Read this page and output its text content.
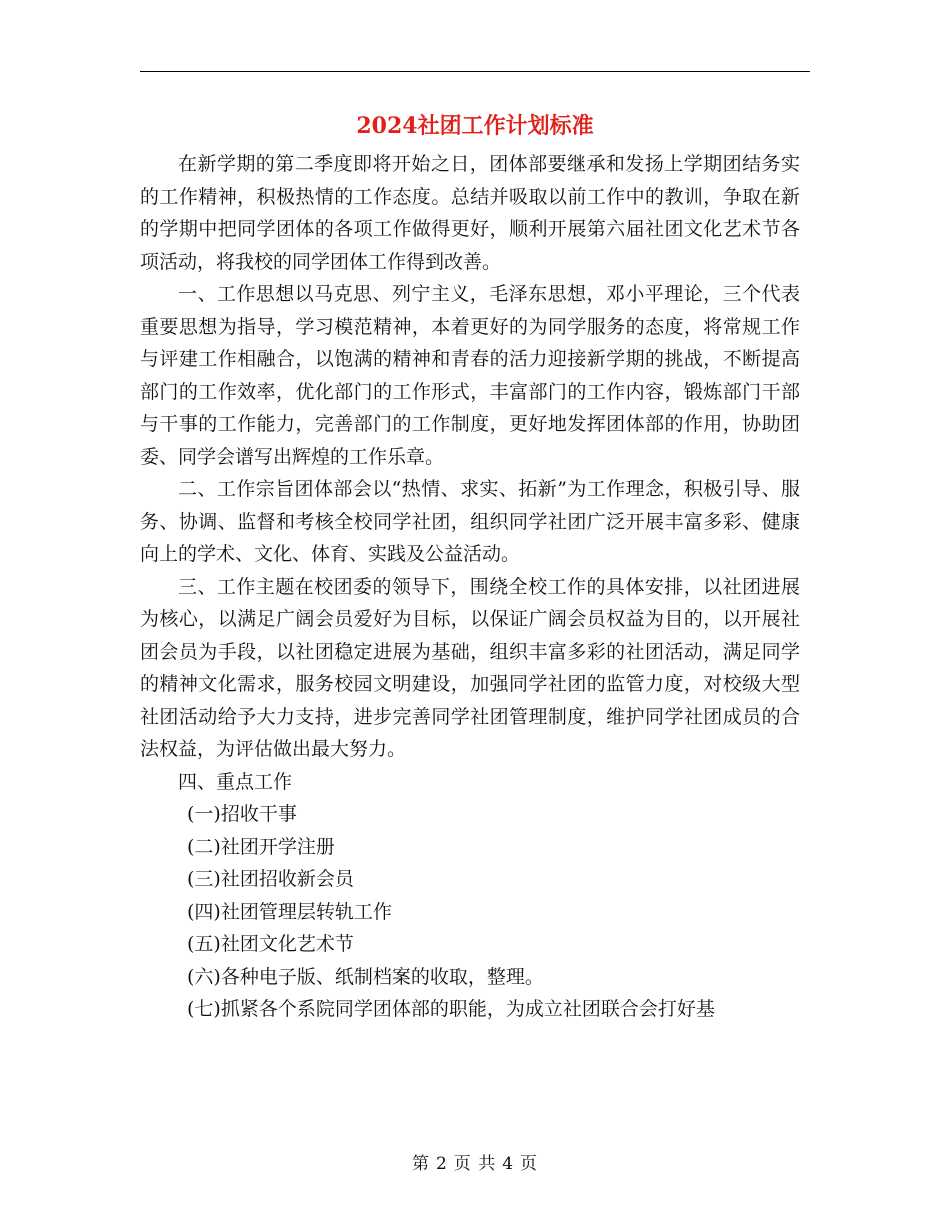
2024社团工作计划标准

在新学期的第二季度即将开始之日，团体部要继承和发扬上学期团结务实的工作精神，积极热情的工作态度。总结并吸取以前工作中的教训，争取在新的学期中把同学团体的各项工作做得更好，顺利开展第六届社团文化艺术节各项活动，将我校的同学团体工作得到改善。

一、工作思想以马克思、列宁主义，毛泽东思想，邓小平理论，三个代表重要思想为指导，学习模范精神，本着更好的为同学服务的态度，将常规工作与评建工作相融合，以饱满的精神和青春的活力迎接新学期的挑战，不断提高部门的工作效率，优化部门的工作形式，丰富部门的工作内容，锻炼部门干部与干事的工作能力，完善部门的工作制度，更好地发挥团体部的作用，协助团委、同学会谱写出辉煌的工作乐章。

二、工作宗旨团体部会以“热情、求实、拓新”为工作理念，积极引导、服务、协调、监督和考核全校同学社团，组织同学社团广泛开展丰富多彩、健康向上的学术、文化、体育、实践及公益活动。

三、工作主题在校团委的领导下，围绕全校工作的具体安排，以社团进展为核心，以满足广阔会员爱好为目标，以保证广阔会员权益为目的，以开展社团会员为手段，以社团稳定进展为基础，组织丰富多彩的社团活动，满足同学的精神文化需求，服务校园文明建设，加强同学社团的监管力度，对校级大型社团活动给予大力支持，进步完善同学社团管理制度，维护同学社团成员的合法权益，为评估做出最大努力。

四、重点工作

(一)招收干事
(二)社团开学注册
(三)社团招收新会员
(四)社团管理层转轨工作
(五)社团文化艺术节
(六)各种电子版、纸制档案的收取，整理。
(七)抓紧各个系院同学团体部的职能，为成立社团联合会打好基
第 2 页 共 4 页
